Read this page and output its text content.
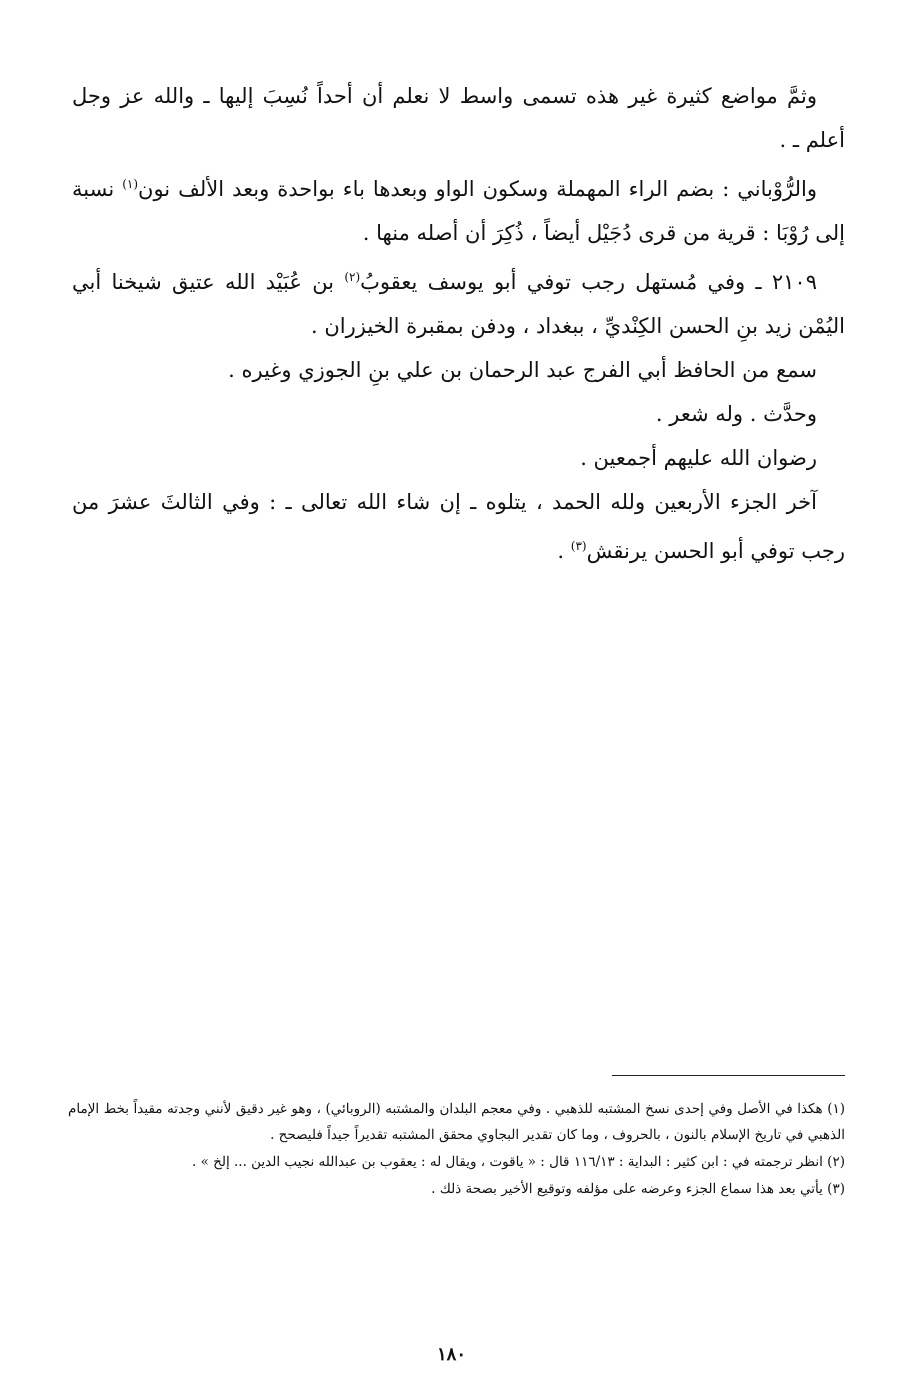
وثمَّ مواضع كثيرة غير هذه تسمى واسط لا نعلم أن أحداً نُسِبَ إليها ـ والله عز وجل أعلم ـ .

والرُّوْباني : بضم الراء المهملة وسكون الواو وبعدها باء بواحدة وبعد الألف نون$^{(١)}$ نسبة إلى رُوْبَا : قرية من قرى دُجَيْل أيضاً ، ذُكِرَ أن أصله منها .

٢١٠٩ ـ وفي مُستهل رجب توفي أبو يوسف يعقوبُ$^{(٢)}$ بن عُبَيْد الله عتيق شيخنا أبي اليُمْن زيد بنِ الحسن الكِنْديِّ ، ببغداد ، ودفن بمقبرة الخيزران .

سمع من الحافظ أبي الفرج عبد الرحمان بن علي بنِ الجوزي وغيره .

وحدَّث . وله شعر .

رضوان الله عليهم أجمعين .

آخر الجزء الأربعين ولله الحمد ، يتلوه ـ إن شاء الله تعالى ـ : وفي الثالثَ عشرَ من رجب توفي أبو الحسن يرنقش$^{(٣)}$ .

(١) هكذا في الأصل وفي إحدى نسخ المشتبه للذهبي . وفي معجم البلدان والمشتبه (الروبائي) ، وهو غير دقيق لأنني وجدته مقيداً بخط الإمام الذهبي في تاريخ الإسلام بالنون ، بالحروف ، وما كان تقدير البجاوي محقق المشتبه تقديراً جيداً فليصحح .

(٢) انظر ترجمته في : ابن كثير : البداية : ١١٦/١٣ قال : « ياقوت ، ويقال له : يعقوب بن عبدالله نجيب الدين ... إلخ » .

(٣) يأتي بعد هذا سماع الجزء وعرضه على مؤلفه وتوقيع الأخير بصحة ذلك .

١٨٠
